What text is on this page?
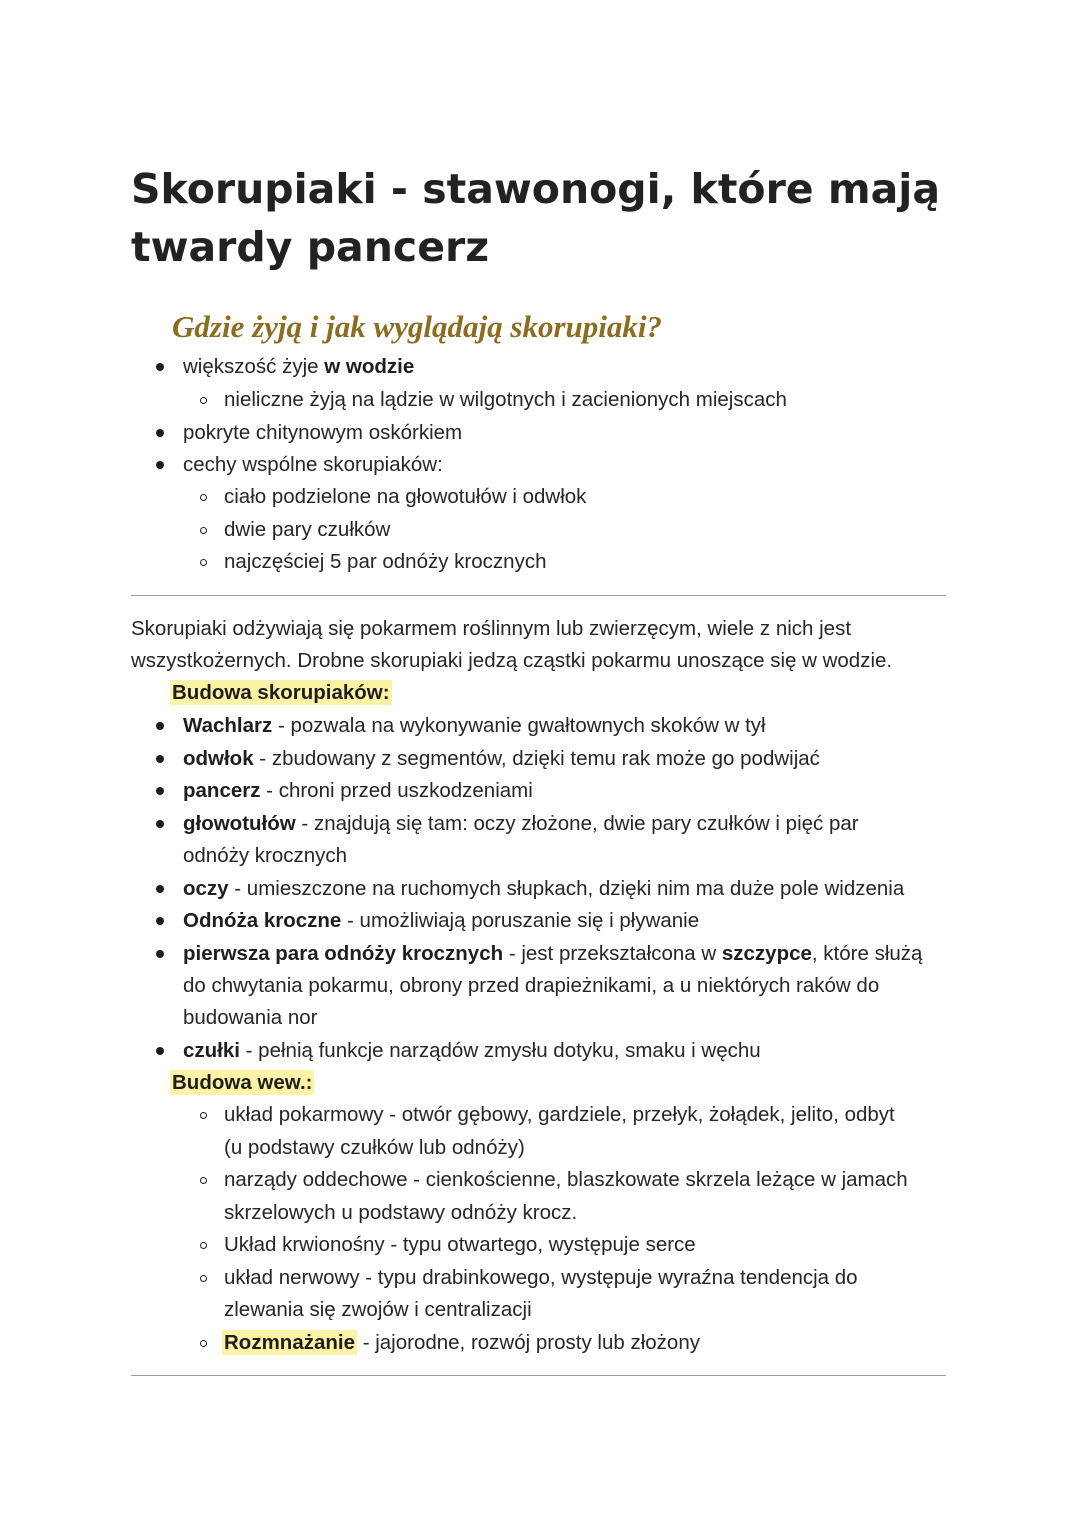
Skorupiaki - stawonogi, które mają twardy pancerz
Gdzie żyją i jak wyglądają skorupiaki?
większość żyje w wodzie
nieliczne żyją na lądzie w wilgotnych i zacienionych miejscach
pokryte chitynowym oskórkiem
cechy wspólne skorupiaków:
ciało podzielone na głowotułów i odwłok
dwie pary czułków
najczęściej 5 par odnóży krocznych
Skorupiaki odżywiają się pokarmem roślinnym lub zwierzęcym, wiele z nich jest
wszystkożernych. Drobne skorupiaki jedzą cząstki pokarmu unoszące się w wodzie.
Budowa skorupiaków:
Wachlarz - pozwala na wykonywanie gwałtownych skoków w tył
odwłok - zbudowany z segmentów, dzięki temu rak może go podwijać
pancerz - chroni przed uszkodzeniami
głowotułów - znajdują się tam: oczy złożone, dwie pary czułków i pięć par
odnóży krocznych
oczy - umieszczone na ruchomych słupkach, dzięki nim ma duże pole widzenia
Odnóża kroczne - umożliwiają poruszanie się i pływanie
pierwsza para odnóży krocznych - jest przekształcona w szczypce, które służą
do chwytania pokarmu, obrony przed drapieżnikami, a u niektórych raków do
budowania nor
czułki - pełnią funkcje narządów zmysłu dotyku, smaku i węchu
Budowa wew.:
układ pokarmowy - otwór gębowy, gardziele, przełyk, żołądek, jelito, odbyt
(u podstawy czułków lub odnóży)
narządy oddechowe - cienkościenne, blaszkowate skrzela leżące w jamach
skrzelowych u podstawy odnóży krocz.
Układ krwionośny - typu otwartego, występuje serce
układ nerwowy - typu drabinkowego, występuje wyraźna tendencja do
zlewania się zwojów i centralizacji
Rozmnażanie - jajorodne, rozwój prosty lub złożony
